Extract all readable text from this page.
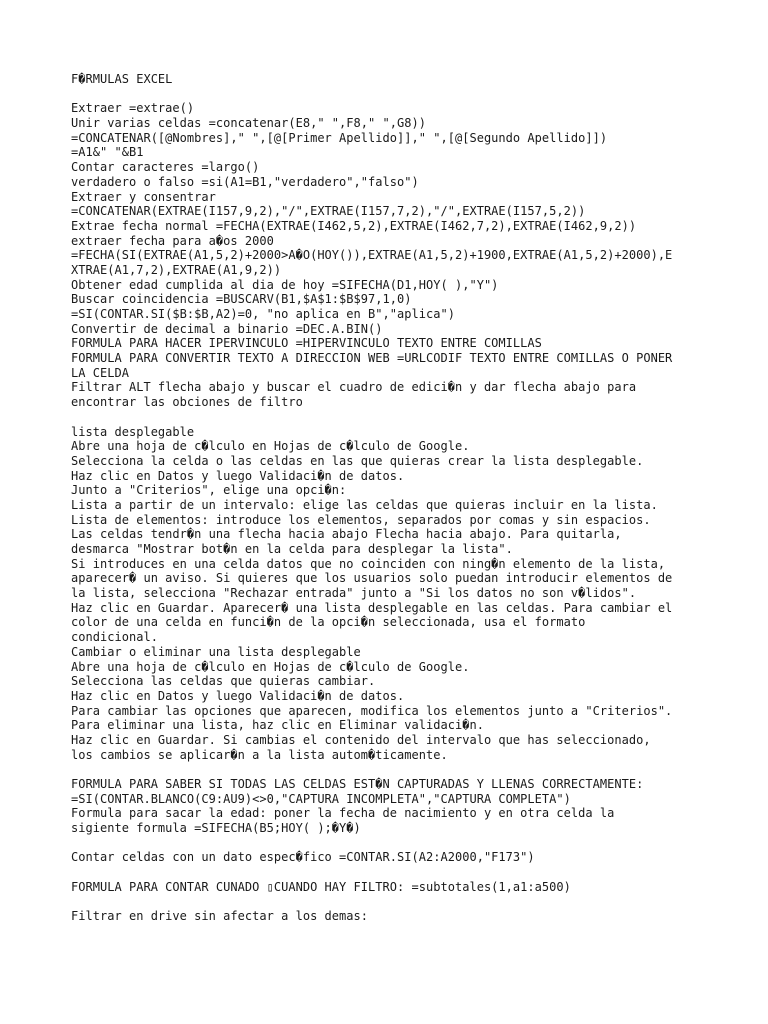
F�RMULAS EXCEL
Extraer =extrae()
Unir varias celdas =concatenar(E8," ",F8," ",G8))
=CONCATENAR([@Nombres]," ",[@[Primer Apellido]]," ",[@[Segundo Apellido]])
=A1&" "&B1
Contar caracteres =largo()
verdadero o falso =si(A1=B1,"verdadero","falso")
Extraer y consentrar
=CONCATENAR(EXTRAE(I157,9,2),"/",EXTRAE(I157,7,2),"/",EXTRAE(I157,5,2))
Extrae fecha normal =FECHA(EXTRAE(I462,5,2),EXTRAE(I462,7,2),EXTRAE(I462,9,2))
extraer fecha para a�os 2000
=FECHA(SI(EXTRAE(A1,5,2)+2000>A�O(HOY()),EXTRAE(A1,5,2)+1900,EXTRAE(A1,5,2)+2000),E
XTRAE(A1,7,2),EXTRAE(A1,9,2))
Obtener edad cumplida al dia de hoy =SIFECHA(D1,HOY( ),"Y")
Buscar coincidencia =BUSCARV(B1,$A$1:$B$97,1,0)
=SI(CONTAR.SI($B:$B,A2)=0, "no aplica en B","aplica")
Convertir de decimal a binario =DEC.A.BIN()
FORMULA PARA HACER IPERVINCULO =HIPERVINCULO TEXTO ENTRE COMILLAS
FORMULA PARA CONVERTIR TEXTO A DIRECCION WEB =URLCODIF TEXTO ENTRE COMILLAS O PONER
LA CELDA
Filtrar ALT flecha abajo y buscar el cuadro de edici�n y dar flecha abajo para
encontrar las obciones de filtro
lista desplegable
Abre una hoja de c�lculo en Hojas de c�lculo de Google.
Selecciona la celda o las celdas en las que quieras crear la lista desplegable.
Haz clic en Datos y luego Validaci�n de datos.
Junto a "Criterios", elige una opci�n:
Lista a partir de un intervalo: elige las celdas que quieras incluir en la lista.
Lista de elementos: introduce los elementos, separados por comas y sin espacios.
Las celdas tendr�n una flecha hacia abajo Flecha hacia abajo. Para quitarla,
desmarca "Mostrar bot�n en la celda para desplegar la lista".
Si introduces en una celda datos que no coinciden con ning�n elemento de la lista,
aparecer� un aviso. Si quieres que los usuarios solo puedan introducir elementos de
la lista, selecciona "Rechazar entrada" junto a "Si los datos no son v�lidos".
Haz clic en Guardar. Aparecer� una lista desplegable en las celdas. Para cambiar el
color de una celda en funci�n de la opci�n seleccionada, usa el formato
condicional.
Cambiar o eliminar una lista desplegable
Abre una hoja de c�lculo en Hojas de c�lculo de Google.
Selecciona las celdas que quieras cambiar.
Haz clic en Datos y luego Validaci�n de datos.
Para cambiar las opciones que aparecen, modifica los elementos junto a "Criterios".
Para eliminar una lista, haz clic en Eliminar validaci�n.
Haz clic en Guardar. Si cambias el contenido del intervalo que has seleccionado,
los cambios se aplicar�n a la lista autom�ticamente.
FORMULA PARA SABER SI TODAS LAS CELDAS EST�N CAPTURADAS Y LLENAS CORRECTAMENTE:
=SI(CONTAR.BLANCO(C9:AU9)<>0,"CAPTURA INCOMPLETA","CAPTURA COMPLETA")
Formula para sacar la edad: poner la fecha de nacimiento y en otra celda la
sigiente formula =SIFECHA(B5;HOY( );�Y�)
Contar celdas con un dato espec�fico =CONTAR.SI(A2:A2000,"F173")
FORMULA PARA CONTAR CUNADO ▯CUANDO HAY FILTRO: =subtotales(1,a1:a500)
Filtrar en drive sin afectar a los demas:
